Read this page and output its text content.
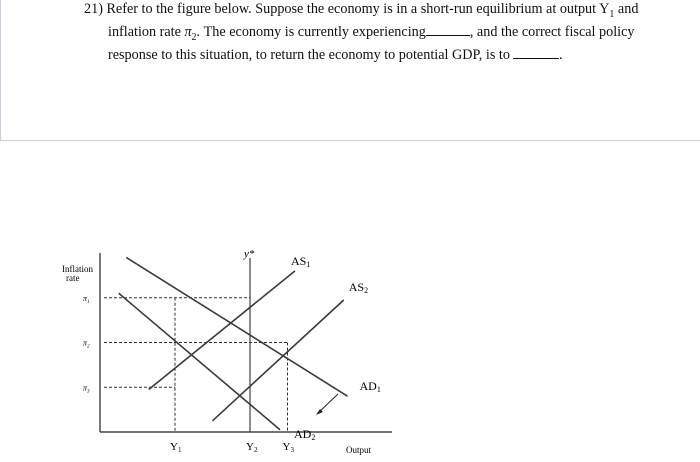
21) Refer to the figure below. Suppose the economy is in a short-run equilibrium at output $Y_1$ and
inflation rate $\pi_2$. The economy is currently experiencing	, and the correct fiscal policy
response to this situation, to return the economy to potential GDP, is to	.
Inflation
rate
Output
y*	AS1
AS2
AD1
AD2
$\pi_1$
$\pi_2$
$\pi_3$
Y1	Y2 Y3
